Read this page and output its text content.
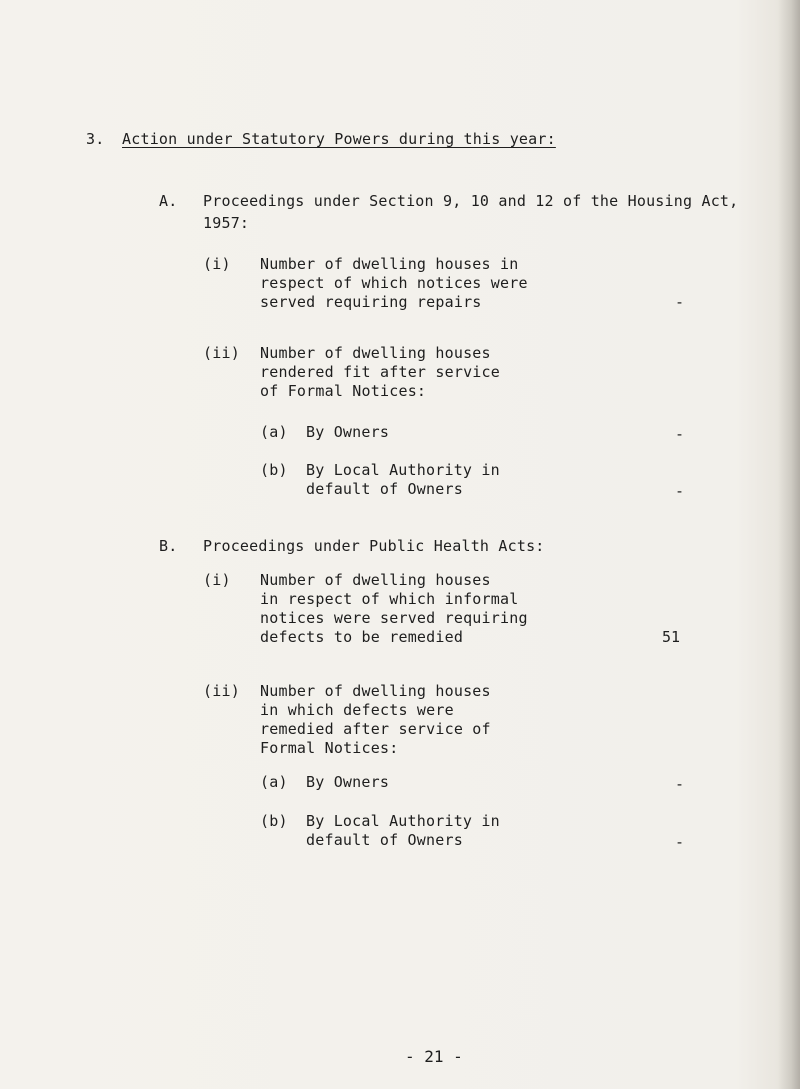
3. Action under Statutory Powers during this year:
A. Proceedings under Section 9, 10 and 12 of the Housing Act,
1957:
(i) Number of dwelling houses in
respect of which notices were
served requiring repairs	-
(ii) Number of dwelling houses
rendered fit after service
of Formal Notices:
(a) By Owners	-
(b) By Local Authority in
default of Owners	-
B. Proceedings under Public Health Acts:
(i) Number of dwelling houses
in respect of which informal
notices were served requiring
defects to be remedied	51
(ii) Number of dwelling houses
in which defects were
remedied after service of
Formal Notices:
(a) By Owners	-
(b) By Local Authority in
default of Owners	-
- 21 -
